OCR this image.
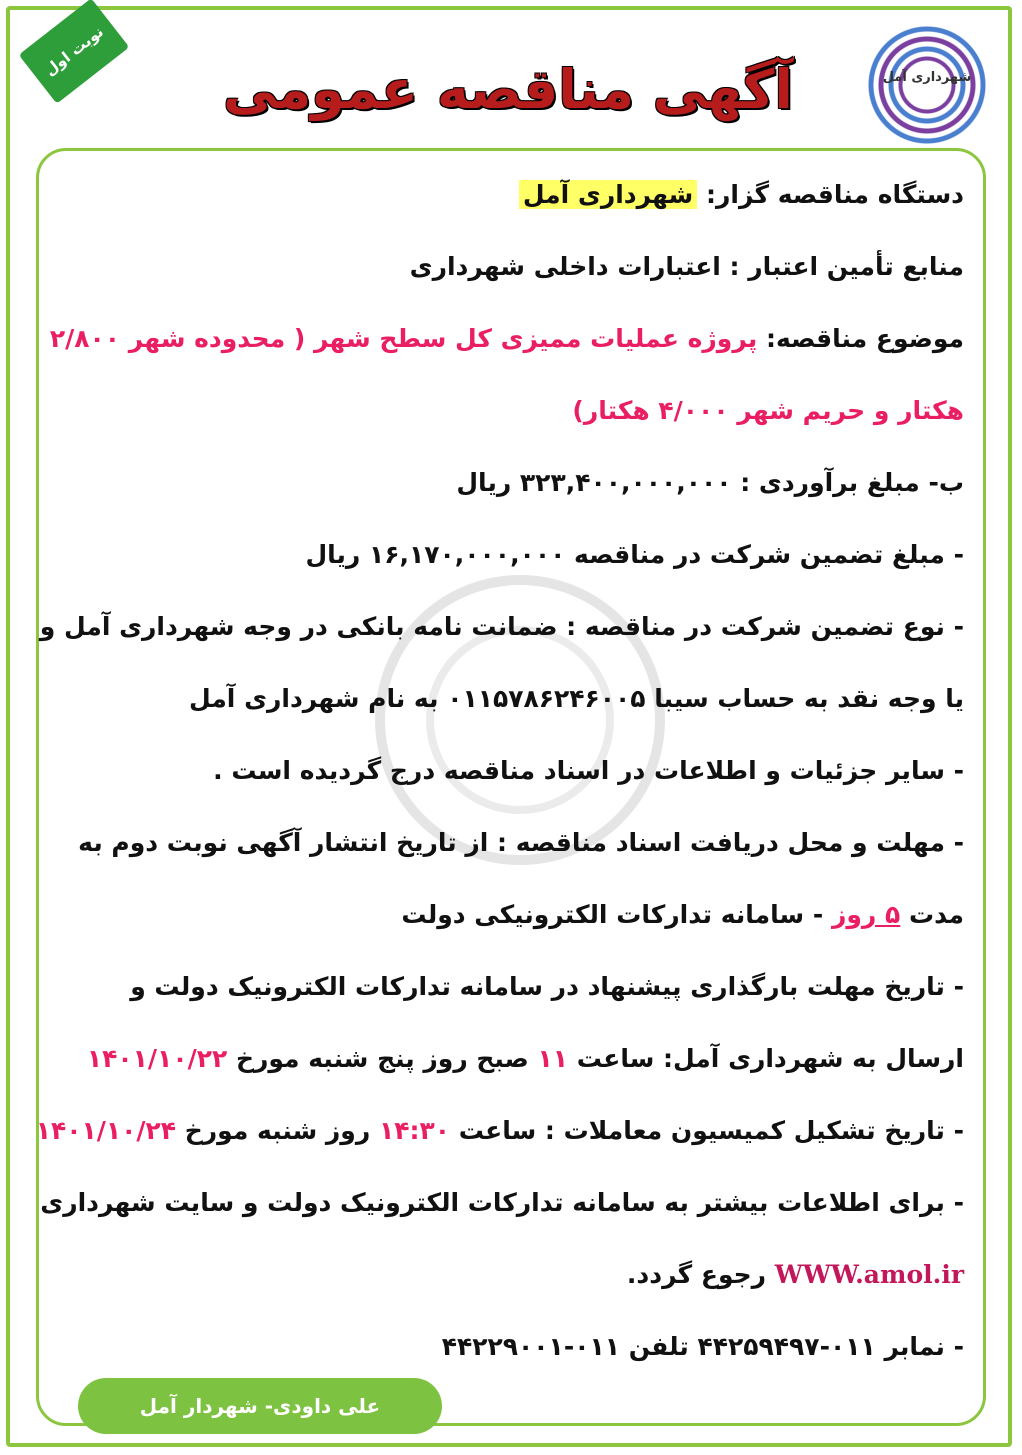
نوبت اول
آگهی مناقصه عمومی	شهرداری آمل
دستگاه مناقصه گزار: شهرداری آمل
منابع تأمین اعتبار : اعتبارات داخلی شهرداری
موضوع مناقصه: پروژه عملیات ممیزی کل سطح شهر ( محدوده شهر ۲/۸۰۰
هکتار و حریم شهر ۴/۰۰۰ هکتار)
ب- مبلغ برآوردی : ۳۲۳,۴۰۰,۰۰۰,۰۰۰ ریال
- مبلغ تضمین شرکت در مناقصه ۱۶,۱۷۰,۰۰۰,۰۰۰ ریال
- نوع تضمین شرکت در مناقصه : ضمانت نامه بانکی در وجه شهرداری آمل و
یا وجه نقد به حساب سیبا ۰۱۱۵۷۸۶۲۴۶۰۰۵ به نام شهرداری آمل
- سایر جزئیات و اطلاعات در اسناد مناقصه درج گردیده است .
- مهلت و محل دریافت اسناد مناقصه : از تاریخ انتشار آگهی نوبت دوم به
مدت ۵ روز - سامانه تدارکات الکترونیکی دولت
- تاریخ مهلت بارگذاری پیشنهاد در سامانه تدارکات الکترونیک دولت و
ارسال به شهرداری آمل: ساعت ۱۱ صبح روز پنج شنبه مورخ ۱۴۰۱/۱۰/۲۲
- تاریخ تشکیل کمیسیون معاملات : ساعت ۱۴:۳۰ روز شنبه مورخ ۱۴۰۱/۱۰/۲۴
- برای اطلاعات بیشتر به سامانه تدارکات الکترونیک دولت و سایت شهرداری
WWW.amol.ir رجوع گردد.
- نمابر ۰۱۱-۴۴۲۵۹۴۹۷ تلفن ۰۱۱-۴۴۲۲۹۰۰۱
علی داودی- شهردار آمل
